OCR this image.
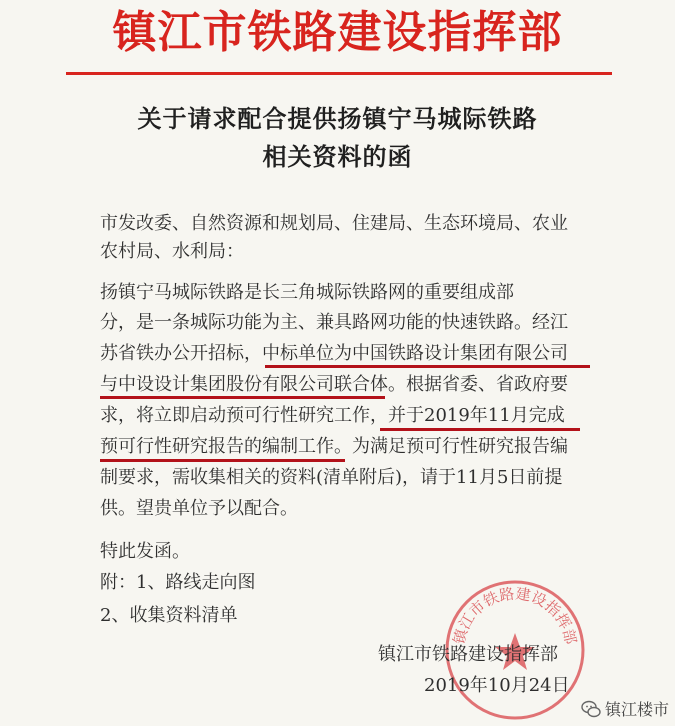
镇江市铁路建设指挥部
关于请求配合提供扬镇宁马城际铁路
相关资料的函
市发改委、自然资源和规划局、住建局、生态环境局、农业
农村局、水利局：
扬镇宁马城际铁路是长三角城际铁路网的重要组成部
分，是一条城际功能为主、兼具路网功能的快速铁路。经江
苏省铁办公开招标，中标单位为中国铁路设计集团有限公司
与中设设计集团股份有限公司联合体。根据省委、省政府要
求，将立即启动预可行性研究工作，并于2019年11月完成
预可行性研究报告的编制工作。为满足预可行性研究报告编
制要求，需收集相关的资料(清单附后)，请于11月5日前提
供。望贵单位予以配合。
特此发函。
附：1、路线走向图
2、收集资料清单
镇江市铁路建设指挥部
镇江市铁路建设指挥部
2019年10月24日
镇江楼市
